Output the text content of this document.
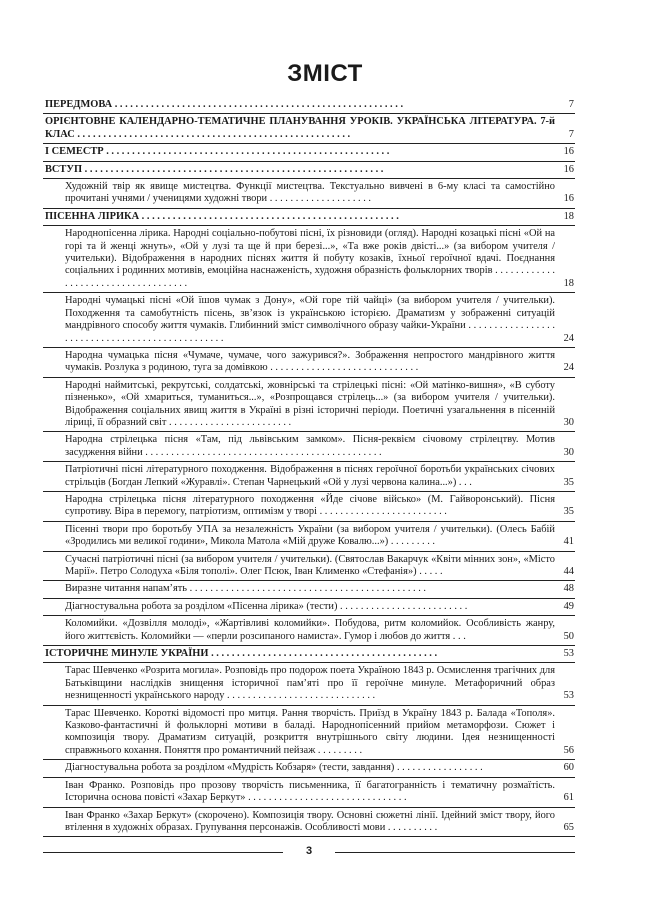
ЗМІСТ
ПЕРЕДМОВА . . . . . . . . . . . . . . . . . . . . . . . . . . . . . . . . . . . . . . . . . . . . . . . . . . . . . . . .	7
ОРІЄНТОВНЕ КАЛЕНДАРНО-ТЕМАТИЧНЕ ПЛАНУВАННЯ УРОКІВ. УКРАЇНСЬКА ЛІТЕРАТУРА. 7-й КЛАС . . . . . . . . . . . . . . . . . . . . . . . . . . . . . . . . . . . . . . . . . . . . . . . . . . . . .	7
І СЕМЕСТР . . . . . . . . . . . . . . . . . . . . . . . . . . . . . . . . . . . . . . . . . . . . . . . . . . . . . . .	16
ВСТУП . . . . . . . . . . . . . . . . . . . . . . . . . . . . . . . . . . . . . . . . . . . . . . . . . . . . . . . . . .	16
Художній твір як явище мистецтва. Функції мистецтва. Текстуально вивчені в 6-му класі та самостійно прочитані учнями / ученицями художні твори . . . . . . . . . . . . . . . . . . . .	16
ПІСЕННА ЛІРИКА . . . . . . . . . . . . . . . . . . . . . . . . . . . . . . . . . . . . . . . . . . . . . . . . . .	18
Народнопісенна лірика. Народні соціально-побутові пісні, їх різновиди (огляд). Народні козацькі пісні «Ой на горі та й женці жнуть», «Ой у лузі та ще й при березі...», «Та вже років двісті...» (за вибором учителя / учительки). Відображення в народних піснях життя й побуту козаків, їхньої героїчної вдачі. Поєднання соціальних і родинних мотивів, емоційна наснаженість, художня образність фольклорних творів . . . . . . . . . . . . . . . . . . . . . . . . . . . . . . . . . . . .	18
Народні чумацькі пісні «Ой їшов чумак з Дону», «Ой горе тій чайці» (за вибором учителя / учительки). Походження та самобутність пісень, зв’язок із українською історією. Драматизм у зображенні ситуацій мандрівного способу життя чумаків. Глибинний зміст символічного образу чайки-України . . . . . . . . . . . . . . . . . . . . . . . . . . . . . . . . . . . . . . . . . . . . . . . .	24
Народна чумацька пісня «Чумаче, чумаче, чого зажурився?». Зображення непростого мандрівного життя чумаків. Розлука з родиною, туга за домівкою . . . . . . . . . . . . . . . . . . . . . . . . . . . . .	24
Народні наймитські, рекрутські, солдатські, жовнірські та стрілецькі пісні: «Ой матінко-вишня», «В суботу пізненько», «Ой хмариться, туманиться...», «Розпрощався стрілець...» (за вибором учителя / учительки). Відображення соціальних явищ життя в Україні в різні історичні періоди. Поетичні узагальнення в пісенній ліриці, її образний світ . . . . . . . . . . . . . . . . . . . . . . . .	30
Народна стрілецька пісня «Там, під львівським замком». Пісня-реквієм січовому стрілецтву. Мотив засудження війни . . . . . . . . . . . . . . . . . . . . . . . . . . . . . . . . . . . . . . . . . . . . . .	30
Патріотичні пісні літературного походження. Відображення в піснях героїчної боротьби українських січових стрільців (Богдан Лепкий «Журавлі». Степан Чарнецький «Ой у лузі червона калина...») . . .	35
Народна стрілецька пісня літературного походження «Йде січове військо» (М. Гайворонський). Пісня супротиву. Віра в перемогу, патріотизм, оптимізм у творі . . . . . . . . . . . . . . . . . . . . . . . . .	35
Пісенні твори про боротьбу УПА за незалежність України (за вибором учителя / учительки). (Олесь Бабій «Зродились ми великої години», Микола Матола «Мій друже Ковалю...») . . . . . . . . .	41
Сучасні патріотичні пісні (за вибором учителя / учительки). (Святослав Вакарчук «Квіти мінних зон», «Місто Марії». Петро Солодуха «Біля тополі». Олег Псюк, Іван Клименко «Стефанія») . . . . .	44
Виразне читання напам’ять . . . . . . . . . . . . . . . . . . . . . . . . . . . . . . . . . . . . . . . . . . . . . .	48
Діагностувальна робота за розділом «Пісенна лірика» (тести) . . . . . . . . . . . . . . . . . . . . . . . . .	49
Коломийки. «Дозвілля молоді», «Жартівливі коломийки». Побудова, ритм коломийок. Особливість жанру, його життєвість. Коломийки — «перли розсипаного намиста». Гумор і любов до життя . . .	50
ІСТОРИЧНЕ МИНУЛЕ УКРАЇНИ . . . . . . . . . . . . . . . . . . . . . . . . . . . . . . . . . . . . . . . . . . . .	53
Тарас Шевченко «Розрита могила». Розповідь про подорож поета Україною 1843 р. Осмислення трагічних для Батьківщини наслідків знищення історичної пам’яті про її героїчне минуле. Метафоричний образ незнищенності українського народу . . . . . . . . . . . . . . . . . . . . . . . . . . . . .	53
Тарас Шевченко. Короткі відомості про митця. Рання творчість. Приїзд в Україну 1843 р. Балада «Тополя». Казково-фантастичні й фольклорні мотиви в баладі. Народнопісенний прийом метаморфози. Сюжет і композиція твору. Драматизм ситуацій, розкриття внутрішнього світу людини. Ідея незнищенності справжнього кохання. Поняття про романтичний пейзаж . . . . . . . . .	56
Діагностувальна робота за розділом «Мудрість Кобзаря» (тести, завдання) . . . . . . . . . . . . . . . . .	60
Іван Франко. Розповідь про прозову творчість письменника, її багатогранність і тематичну розмаїтість. Історична основа повісті «Захар Беркут» . . . . . . . . . . . . . . . . . . . . . . . . . . . . . . .	61
Іван Франко «Захар Беркут» (скорочено). Композиція твору. Основні сюжетні лінії. Ідейний зміст твору, його втілення в художніх образах. Групування персонажів. Особливості мови . . . . . . . . . .	65
3
